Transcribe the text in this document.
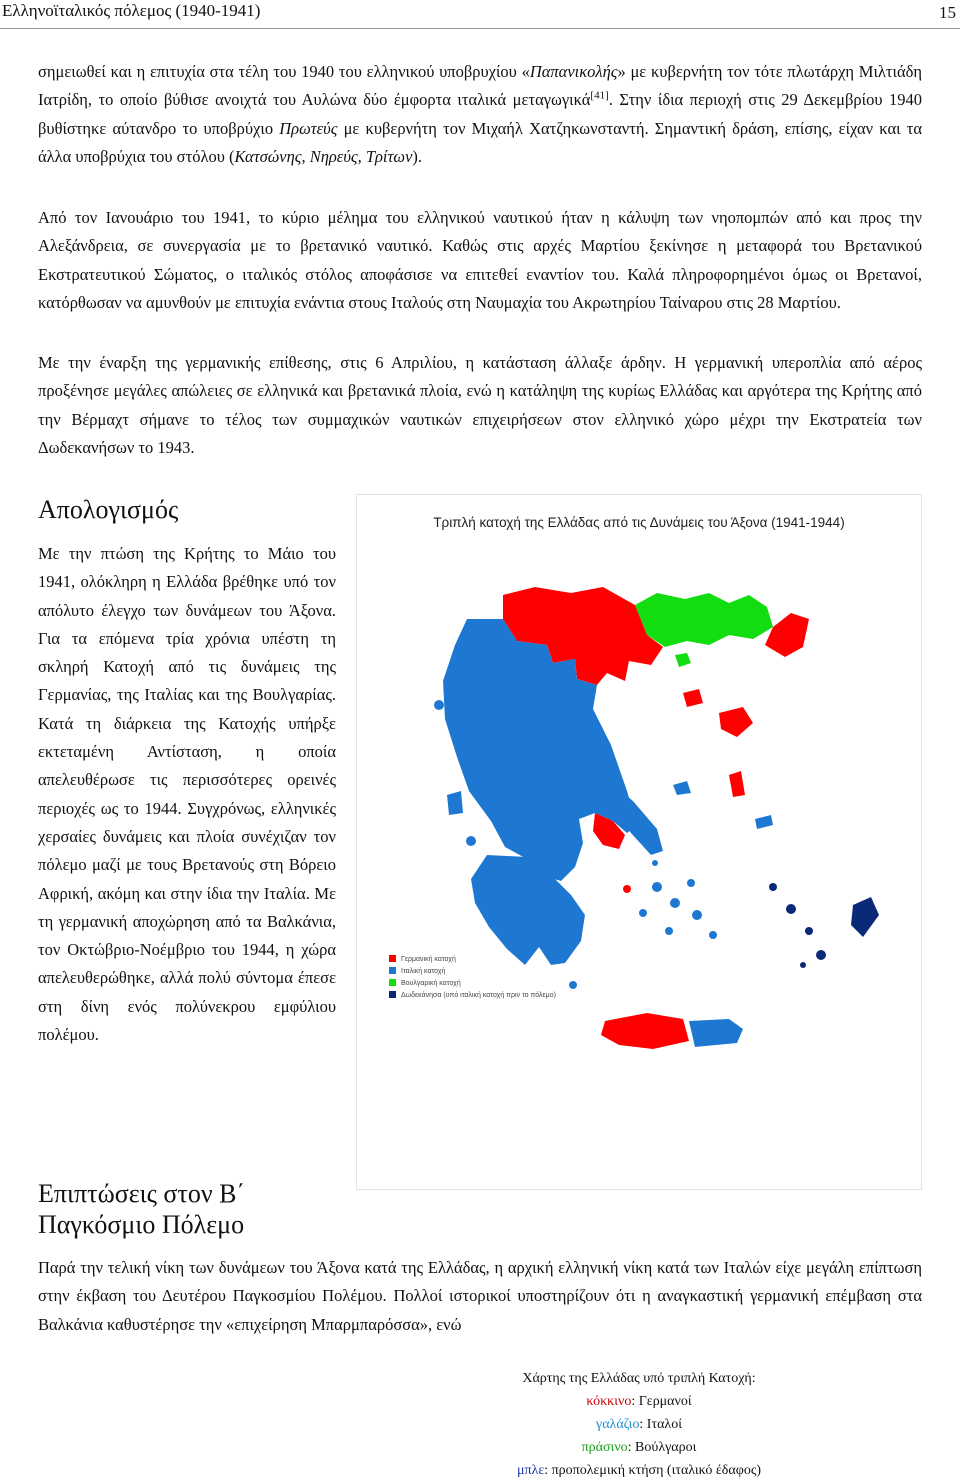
Ελληνοϊταλικός πόλεμος (1940-1941)	15
σημειωθεί και η επιτυχία στα τέλη του 1940 του ελληνικού υποβρυχίου «Παπανικολής» με κυβερνήτη τον τότε πλωτάρχη Μιλτιάδη Ιατρίδη, το οποίο βύθισε ανοιχτά του Αυλώνα δύο έμφορτα ιταλικά μεταγωγικά[41]. Στην ίδια περιοχή στις 29 Δεκεμβρίου 1940 βυθίστηκε αύτανδρο το υποβρύχιο Πρωτεύς με κυβερνήτη τον Μιχαήλ Χατζηκωνσταντή. Σημαντική δράση, επίσης, είχαν και τα άλλα υποβρύχια του στόλου (Κατσώνης, Νηρεύς, Τρίτων).
Από τον Ιανουάριο του 1941, το κύριο μέλημα του ελληνικού ναυτικού ήταν η κάλυψη των νηοπομπών από και προς την Αλεξάνδρεια, σε συνεργασία με το βρετανικό ναυτικό. Καθώς στις αρχές Μαρτίου ξεκίνησε η μεταφορά του Βρετανικού Εκστρατευτικού Σώματος, ο ιταλικός στόλος αποφάσισε να επιτεθεί εναντίον του. Καλά πληροφορημένοι όμως οι Βρετανοί, κατόρθωσαν να αμυνθούν με επιτυχία ενάντια στους Ιταλούς στη Ναυμαχία του Ακρωτηρίου Ταίναρου στις 28 Μαρτίου.
Με την έναρξη της γερμανικής επίθεσης, στις 6 Απριλίου, η κατάσταση άλλαξε άρδην. Η γερμανική υπεροπλία από αέρος προξένησε μεγάλες απώλειες σε ελληνικά και βρετανικά πλοία, ενώ η κατάληψη της κυρίως Ελλάδας και αργότερα της Κρήτης από την Βέρμαχτ σήμανε το τέλος των συμμαχικών ναυτικών επιχειρήσεων στον ελληνικό χώρο μέχρι την Εκστρατεία των Δωδεκανήσων το 1943.
Απολογισμός
Με την πτώση της Κρήτης το Μάιο του 1941, ολόκληρη η Ελλάδα βρέθηκε υπό τον απόλυτο έλεγχο των δυνάμεων του Άξονα. Για τα επόμενα τρία χρόνια υπέστη τη σκληρή Κατοχή από τις δυνάμεις της Γερμανίας, της Ιταλίας και της Βουλγαρίας. Κατά τη διάρκεια της Κατοχής υπήρξε εκτεταμένη Αντίσταση, η οποία απελευθέρωσε τις περισσότερες ορεινές περιοχές ως το 1944. Συγχρόνως, ελληνικές χερσαίες δυνάμεις και πλοία συνέχιζαν τον πόλεμο μαζί με τους Βρετανούς στη Βόρειο Αφρική, ακόμη και στην ίδια την Ιταλία. Με τη γερμανική αποχώρηση από τα Βαλκάνια, τον Οκτώβριο-Νοέμβριο του 1944, η χώρα απελευθερώθηκε, αλλά πολύ σύντομα έπεσε στη δίνη ενός πολύνεκρου εμφύλιου πολέμου.
Τριπλή κατοχή της Ελλάδας από τις Δυνάμεις του Άξονα (1941-1944)
Γερμανική κατοχή
Ιταλική κατοχή
Βουλγαρική κατοχή
Δωδεκάνησα (υπό ιταλική κατοχή πριν το πόλεμο)
Χάρτης της Ελλάδας υπό τριπλή Κατοχή:
κόκκινο: Γερμανοί
γαλάζιο: Ιταλοί
πράσινο: Βούλγαροι
μπλε: προπολεμική κτήση (ιταλικό έδαφος)
Επιπτώσεις στον Β΄ Παγκόσμιο Πόλεμο
Παρά την τελική νίκη των δυνάμεων του Άξονα κατά της Ελλάδας, η αρχική ελληνική νίκη κατά των Ιταλών είχε μεγάλη επίπτωση στην έκβαση του Δευτέρου Παγκοσμίου Πολέμου. Πολλοί ιστορικοί υποστηρίζουν ότι η αναγκαστική γερμανική επέμβαση στα Βαλκάνια καθυστέρησε την «επιχείρηση Μπαρμπαρόσσα», ενώ
